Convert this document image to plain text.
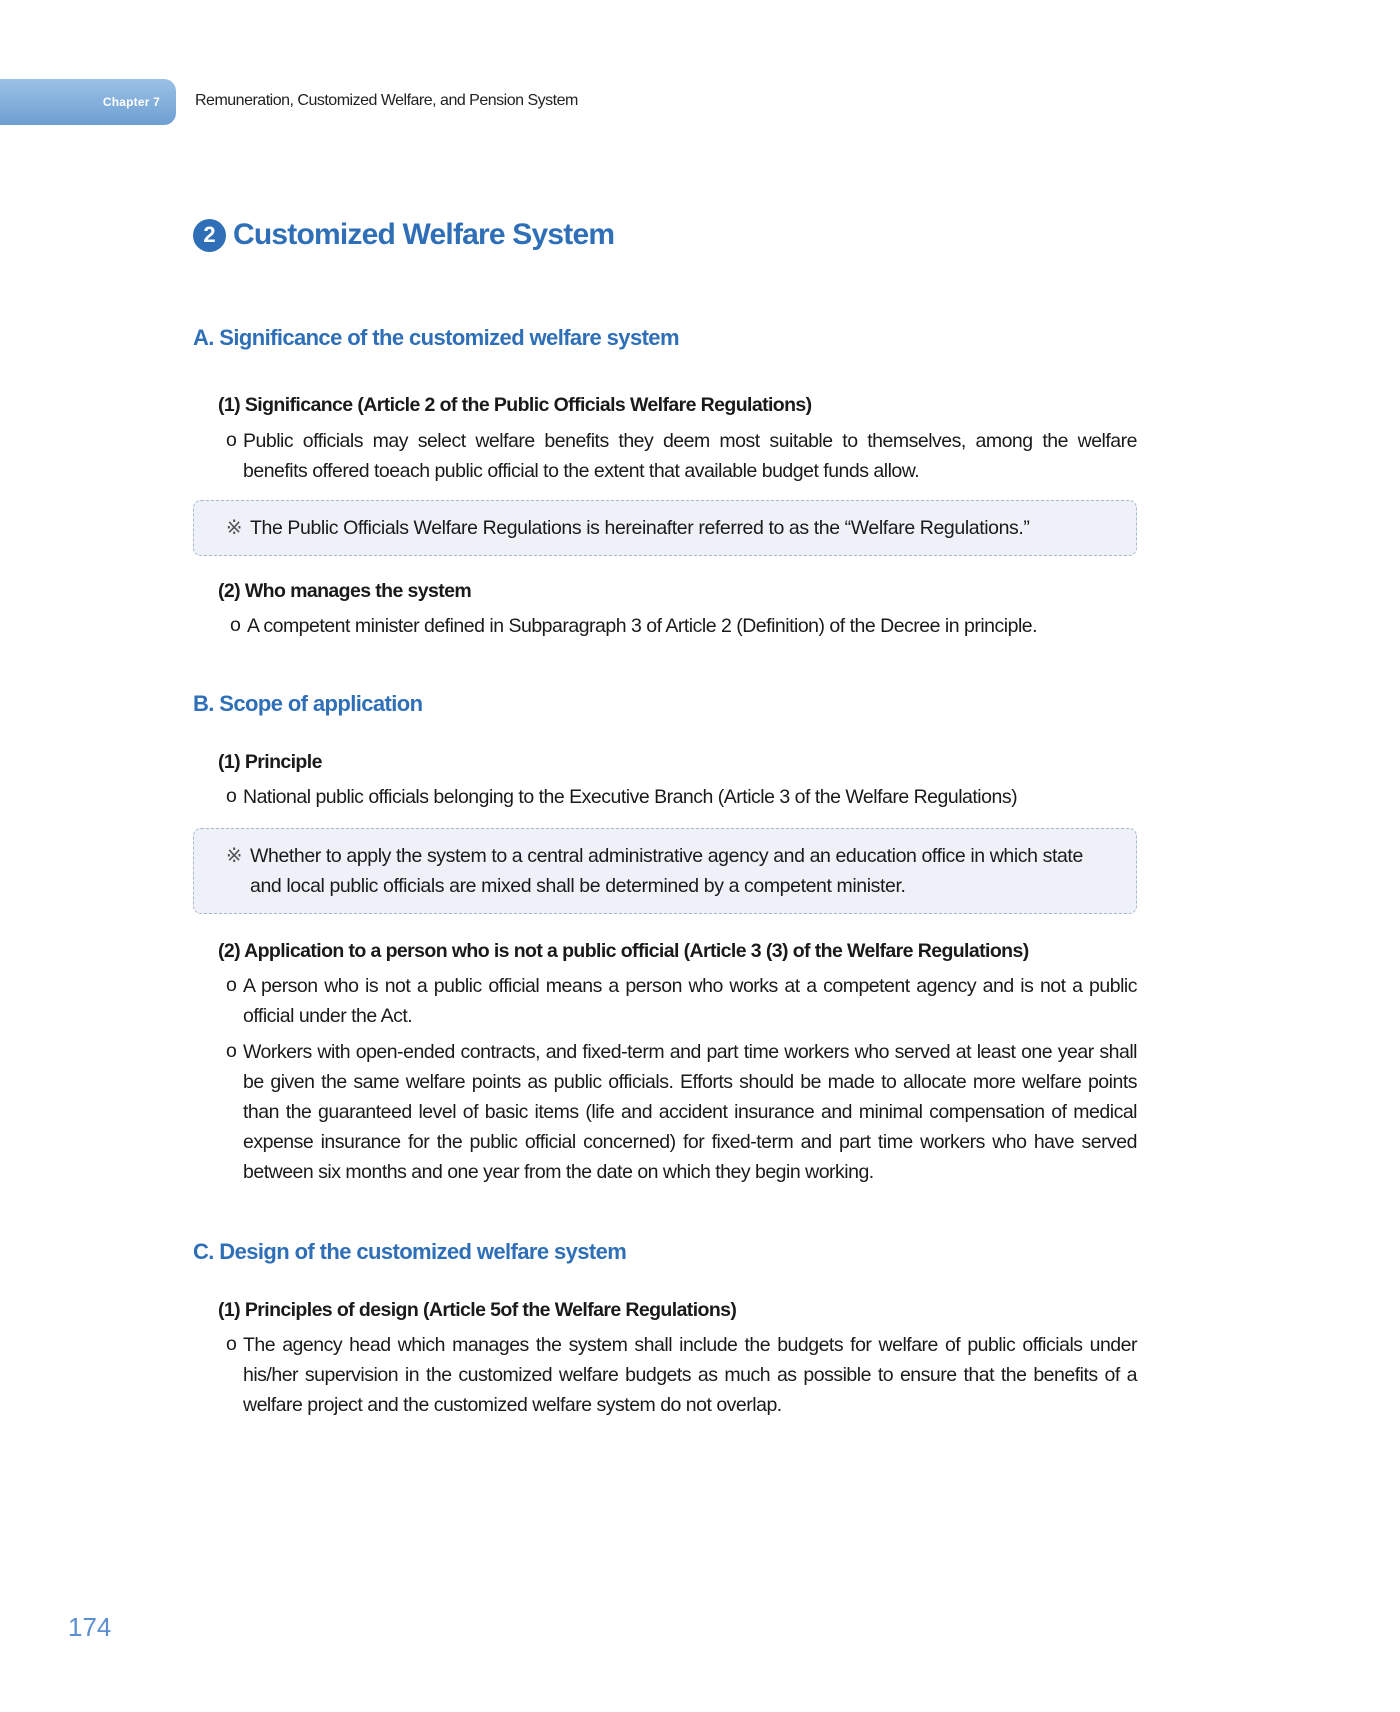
Chapter 7 Remuneration, Customized Welfare, and Pension System
2 Customized Welfare System
A. Significance of the customized welfare system
(1) Significance (Article 2 of the Public Officials Welfare Regulations)

o Public officials may select welfare benefits they deem most suitable to themselves, among the welfare benefits offered toeach public official to the extent that available budget funds allow.

※ The Public Officials Welfare Regulations is hereinafter referred to as the “Welfare Regulations.”
(2) Who manages the system

o A competent minister defined in Subparagraph 3 of Article 2 (Definition) of the Decree in principle.

B. Scope of application
(1) Principle

o National public officials belonging to the Executive Branch (Article 3 of the Welfare Regulations)

※ Whether to apply the system to a central administrative agency and an education office in which state and local public officials are mixed shall be determined by a competent minister.
(2) Application to a person who is not a public official (Article 3 (3) of the Welfare Regulations)

o A person who is not a public official means a person who works at a competent agency and is not a public official under the Act.

o Workers with open-ended contracts, and fixed-term and part time workers who served at least one year shall be given the same welfare points as public officials. Efforts should be made to allocate more welfare points than the guaranteed level of basic items (life and accident insurance and minimal compensation of medical expense insurance for the public official concerned) for fixed-term and part time workers who have served between six months and one year from the date on which they begin working.

C. Design of the customized welfare system
(1) Principles of design (Article 5of the Welfare Regulations)

o The agency head which manages the system shall include the budgets for welfare of public officials under his/her supervision in the customized welfare budgets as much as possible to ensure that the benefits of a welfare project and the customized welfare system do not overlap.

174
